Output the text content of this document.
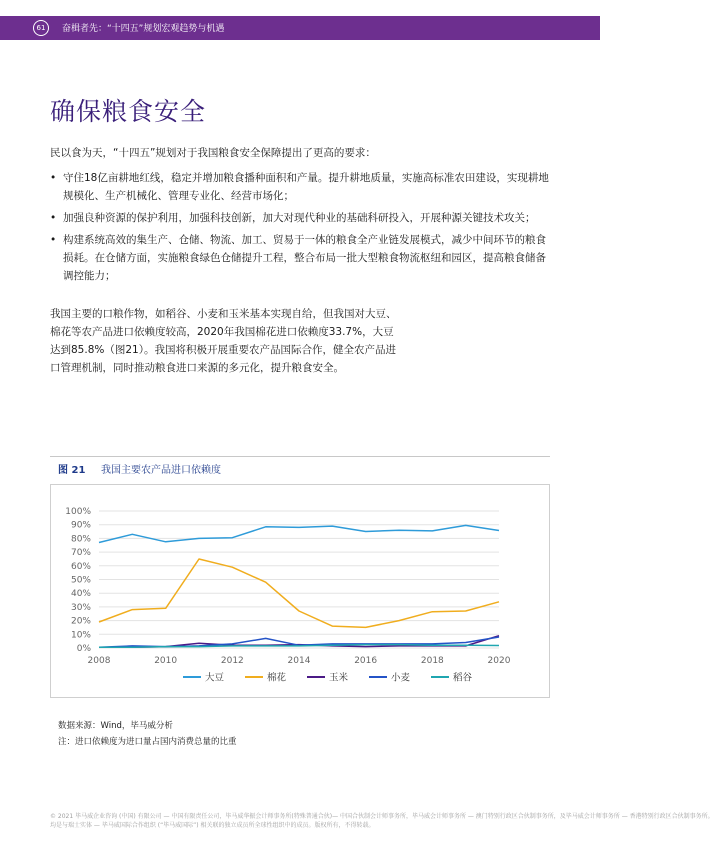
61	奋楫者先：“十四五”规划宏观趋势与机遇
确保粮食安全

民以食为天，“十四五”规划对于我国粮食安全保障提出了更高的要求：

• 守住18亿亩耕地红线，稳定并增加粮食播种面积和产量。提升耕地质量，实施高标准农田建设，实现耕地规模化、生产机械化、管理专业化、经营市场化；
• 加强良种资源的保护利用，加强科技创新，加大对现代种业的基础科研投入，开展种源关键技术攻关；
• 构建系统高效的集生产、仓储、物流、加工、贸易于一体的粮食全产业链发展模式，减少中间环节的粮食损耗。在仓储方面，实施粮食绿色仓储提升工程，整合布局一批大型粮食物流枢纽和园区，提高粮食储备调控能力；

我国主要的口粮作物，如稻谷、小麦和玉米基本实现自给，但我国对大豆、棉花等农产品进口依赖度较高，2020年我国棉花进口依赖度33.7%，大豆达到85.8%（图21）。我国将积极开展重要农产品国际合作，健全农产品进口管理机制，同时推动粮食进口来源的多元化，提升粮食安全。

图 21 我国主要农产品进口依赖度
0%
10%
20%
30%
40%
50%
60%
70%
80%
90%
100%
2008	2010	2012	2014	2016	2018	2020
大豆	棉花	玉米	小麦	稻谷
数据来源：Wind，毕马威分析
注：进口依赖度为进口量占国内消费总量的比重
© 2021 毕马威企业咨询 (中国) 有限公司 — 中国有限责任公司，毕马威华振会计师事务所(特殊普通合伙)— 中国合伙制会计师事务所，毕马威会计师事务所 — 澳门特别行政区合伙制事务所，及毕马威会计师事务所 — 香港特别行政区合伙制事务所。
均是与瑞士实体 — 毕马威国际合作组织 (“毕马威国际”) 相关联的独立成员所全球性组织中的成员。版权所有，不得转载。
